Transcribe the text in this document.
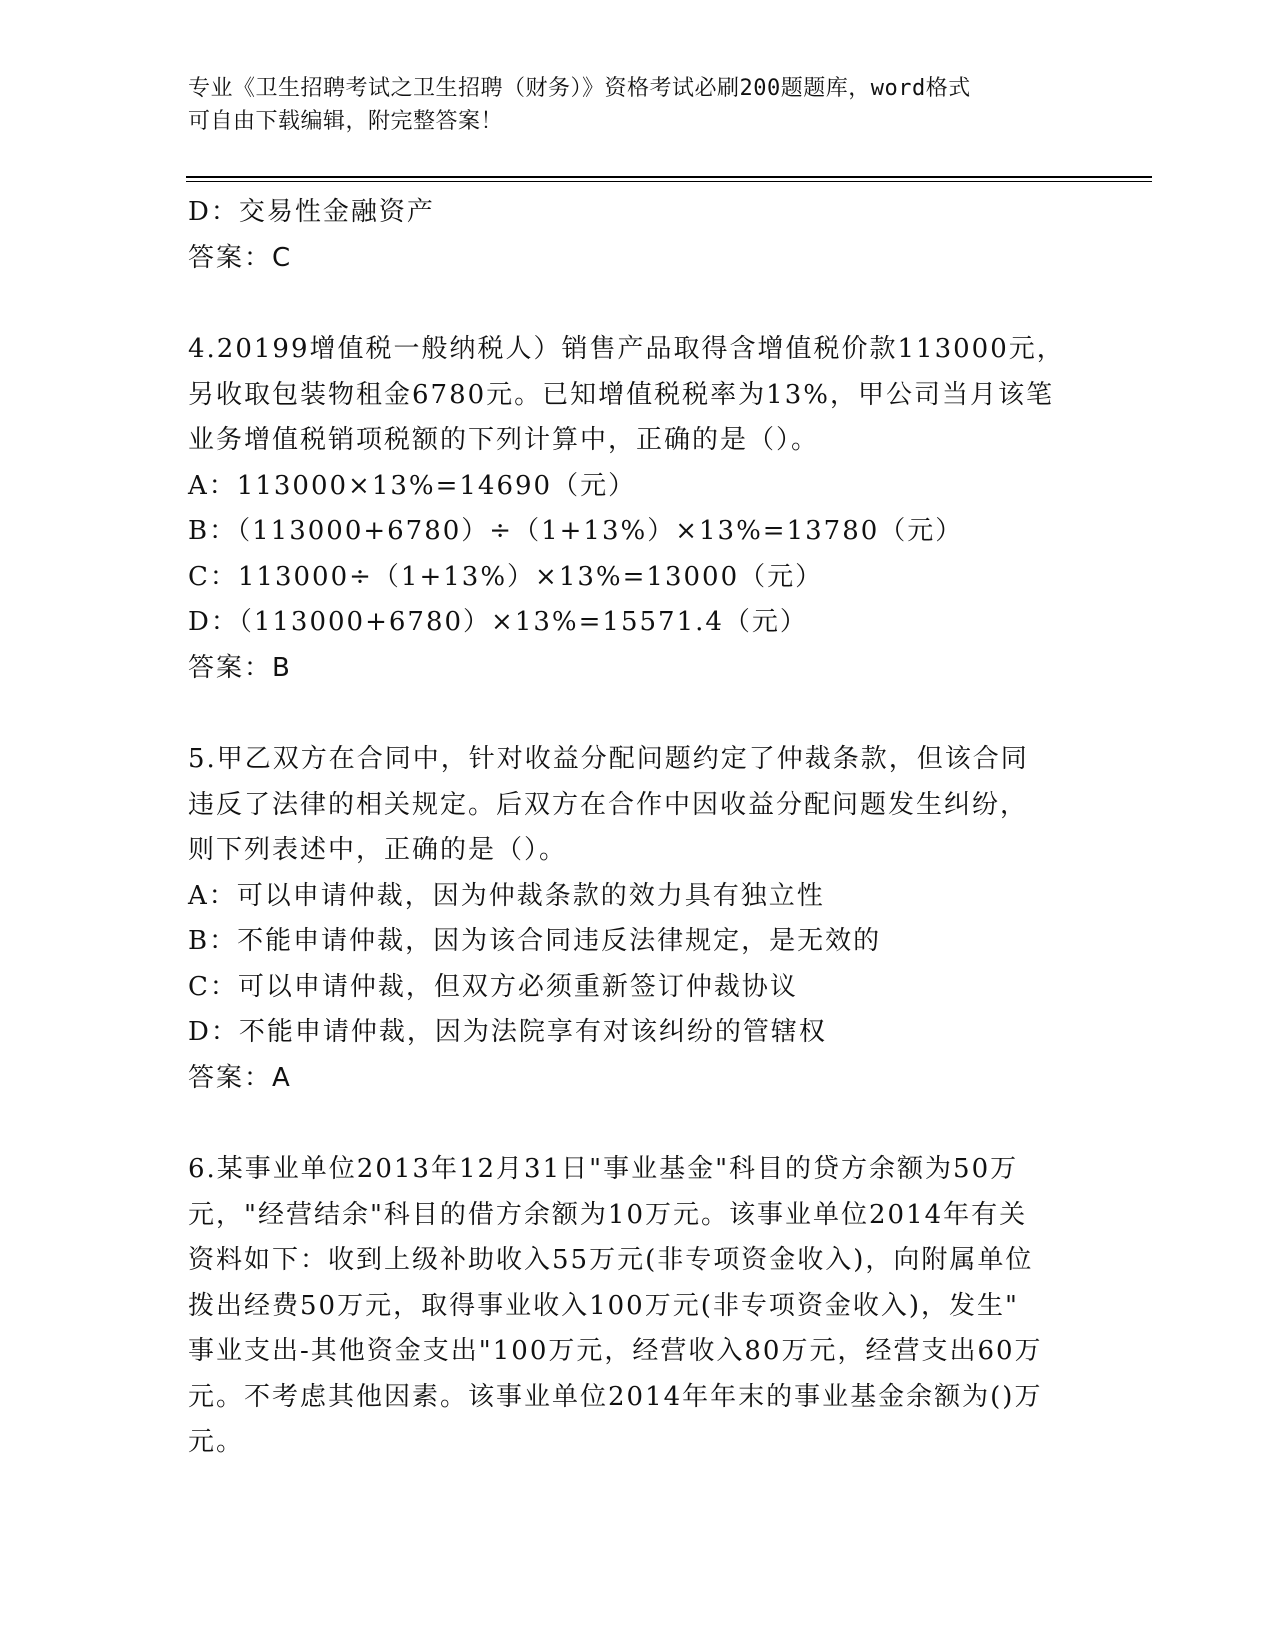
专业《卫生招聘考试之卫生招聘（财务）》资格考试必刷200题题库，word格式
可自由下载编辑，附完整答案！
D：交易性金融资产
答案：C
4.20199增值税一般纳税人）销售产品取得含增值税价款113000元，
另收取包装物租金6780元。已知增值税税率为13%，甲公司当月该笔
业务增值税销项税额的下列计算中，正确的是（）。
A：113000×13%=14690（元）
B：（113000+6780）÷（1+13%）×13%=13780（元）
C：113000÷（1+13%）×13%=13000（元）
D：（113000+6780）×13%=15571.4（元）
答案：B
5.甲乙双方在合同中，针对收益分配问题约定了仲裁条款，但该合同
违反了法律的相关规定。后双方在合作中因收益分配问题发生纠纷，
则下列表述中，正确的是（）。
A：可以申请仲裁，因为仲裁条款的效力具有独立性
B：不能申请仲裁，因为该合同违反法律规定，是无效的
C：可以申请仲裁，但双方必须重新签订仲裁协议
D：不能申请仲裁，因为法院享有对该纠纷的管辖权
答案：A
6.某事业单位2013年12月31日"事业基金"科目的贷方余额为50万
元，"经营结余"科目的借方余额为10万元。该事业单位2014年有关
资料如下：收到上级补助收入55万元(非专项资金收入)，向附属单位
拨出经费50万元，取得事业收入100万元(非专项资金收入)，发生"
事业支出-其他资金支出"100万元，经营收入80万元，经营支出60万
元。不考虑其他因素。该事业单位2014年年末的事业基金余额为()万
元。
